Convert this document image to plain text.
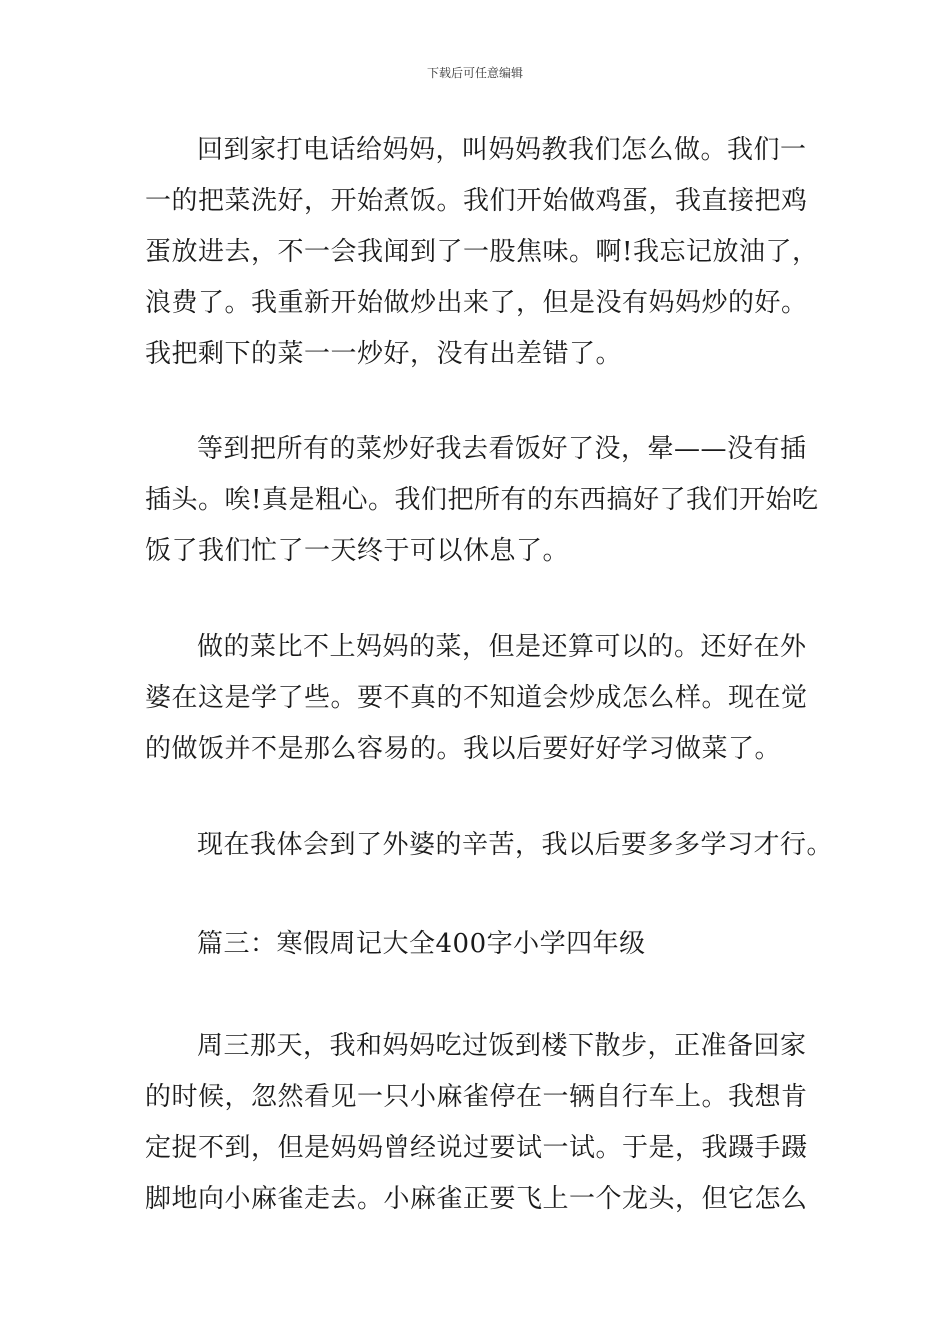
下载后可任意编辑

回到家打电话给妈妈，叫妈妈教我们怎么做。我们一
一的把菜洗好，开始煮饭。我们开始做鸡蛋，我直接把鸡
蛋放进去，不一会我闻到了一股焦味。啊!我忘记放油了，
浪费了。我重新开始做炒出来了，但是没有妈妈炒的好。
我把剩下的菜一一炒好，没有出差错了。

等到把所有的菜炒好我去看饭好了没，晕——没有插
插头。唉!真是粗心。我们把所有的东西搞好了我们开始吃
饭了我们忙了一天终于可以休息了。

做的菜比不上妈妈的菜，但是还算可以的。还好在外
婆在这是学了些。要不真的不知道会炒成怎么样。现在觉
的做饭并不是那么容易的。我以后要好好学习做菜了。

现在我体会到了外婆的辛苦，我以后要多多学习才行。

篇三：寒假周记大全400字小学四年级

周三那天，我和妈妈吃过饭到楼下散步，正准备回家
的时候，忽然看见一只小麻雀停在一辆自行车上。我想肯
定捉不到，但是妈妈曾经说过要试一试。于是，我蹑手蹑
脚地向小麻雀走去。小麻雀正要飞上一个龙头，但它怎么
